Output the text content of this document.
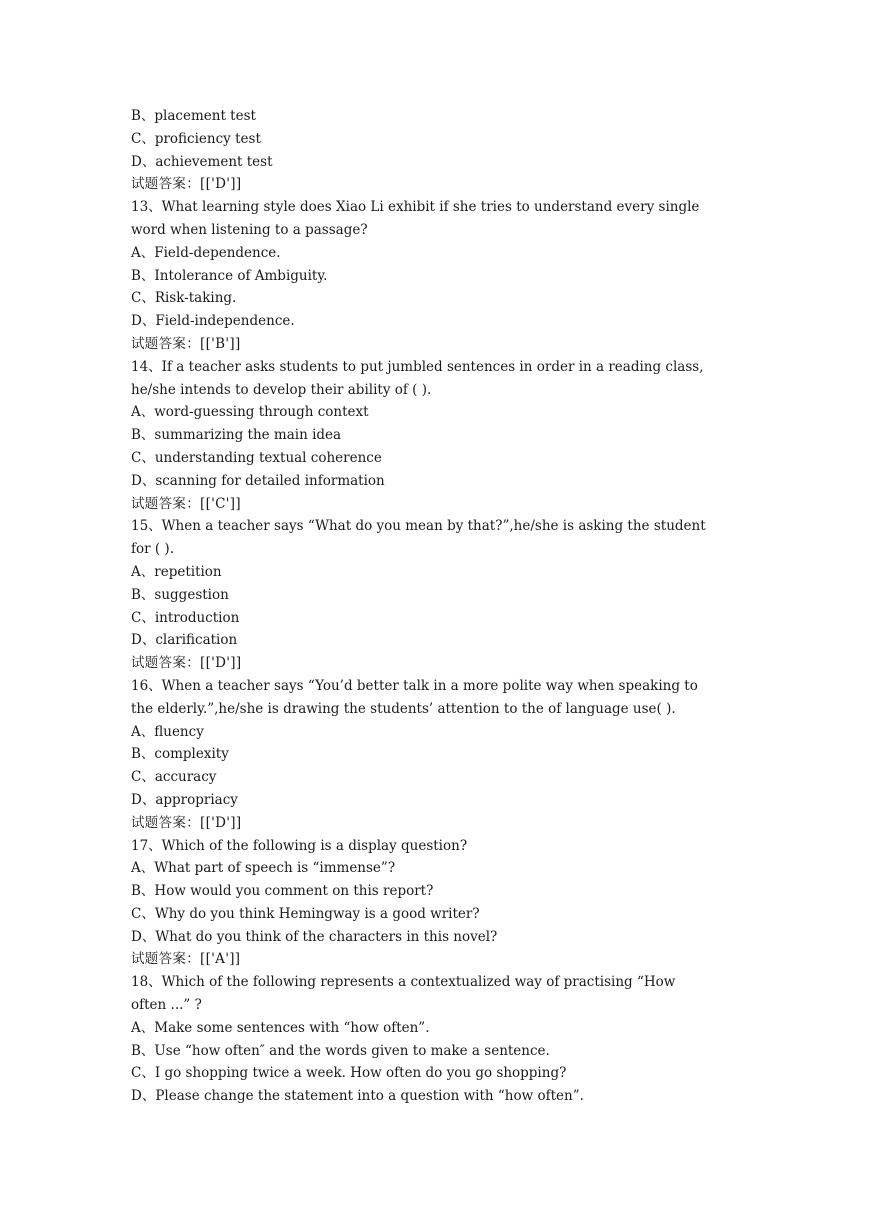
B、placement test
C、proficiency test
D、achievement test
试题答案：[['D']]
13、What learning style does Xiao Li exhibit if she tries to understand every single
word when listening to a passage?
A、Field-dependence.
B、Intolerance of Ambiguity.
C、Risk-taking.
D、Field-independence.
试题答案：[['B']]
14、If a teacher asks students to put jumbled sentences in order in a reading class,
he/she intends to develop their ability of ( ).
A、word-guessing through context
B、summarizing the main idea
C、understanding textual coherence
D、scanning for detailed information
试题答案：[['C']]
15、When a teacher says “What do you mean by that?”,he/she is asking the student
for ( ).
A、repetition
B、suggestion
C、introduction
D、clarification
试题答案：[['D']]
16、When a teacher says “You’d better talk in a more polite way when speaking to
the elderly.”,he/she is drawing the students’ attention to the of language use( ).
A、fluency
B、complexity
C、accuracy
D、appropriacy
试题答案：[['D']]
17、Which of the following is a display question?
A、What part of speech is “immense”?
B、How would you comment on this report?
C、Why do you think Hemingway is a good writer?
D、What do you think of the characters in this novel?
试题答案：[['A']]
18、Which of the following represents a contextualized way of practising “How
often ...” ?
A、Make some sentences with “how often”.
B、Use “how often″ and the words given to make a sentence.
C、I go shopping twice a week. How often do you go shopping?
D、Please change the statement into a question with “how often”.
